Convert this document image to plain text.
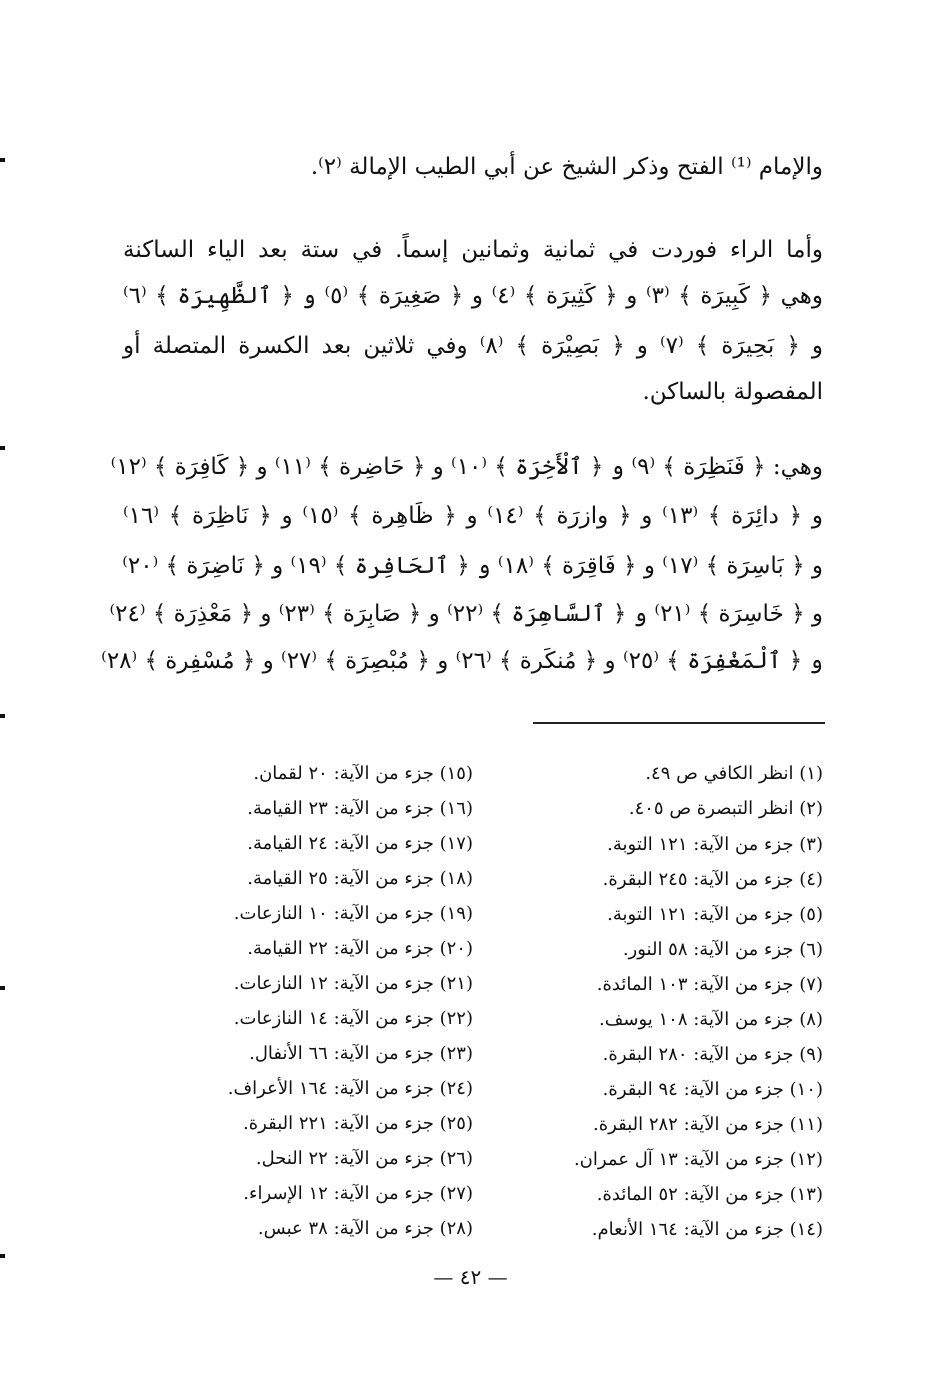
والإمام ⁽¹⁾ الفتح وذكر الشيخ عن أبي الطيب الإمالة ⁽٢⁾.
وأما الراء فوردت في ثمانية وثمانين إسماً. في ستة بعد الياء الساكنة
وهي ﴿ كَبِيرَة ﴾ ⁽٣⁾ و ﴿ كَثِيرَة ﴾ ⁽٤⁾ و ﴿ صَغِيرَة ﴾ ⁽٥⁾ و ﴿ ٱلظَّهِيرَة ﴾ ⁽٦⁾
و ﴿ بَحِيرَة ﴾ ⁽٧⁾ و ﴿ بَصِيْرَة ﴾ ⁽٨⁾ وفي ثلاثين بعد الكسرة المتصلة أو
المفصولة بالساكن.
وهي: ﴿ فَنَظِرَة ﴾ ⁽٩⁾ و ﴿ ٱلْأَخِرَة ﴾ ⁽١٠⁾ و ﴿ حَاضِرة ﴾ ⁽١١⁾ و ﴿ كَافِرَة ﴾ ⁽١٢⁾
و ﴿ دائِرَة ﴾ ⁽١٣⁾ و ﴿ وازرَة ﴾ ⁽١٤⁾ و ﴿ ظَاهِرة ﴾ ⁽١٥⁾ و ﴿ نَاظِرَة ﴾ ⁽١٦⁾
و ﴿ بَاسِرَة ﴾ ⁽١٧⁾ و ﴿ فَاقِرَة ﴾ ⁽١٨⁾ و ﴿ ٱلحَافِرة ﴾ ⁽١٩⁾ و ﴿ نَاضِرَة ﴾ ⁽٢٠⁾
و ﴿ خَاسِرَة ﴾ ⁽٢١⁾ و ﴿ ٱلسَّاهِرَة ﴾ ⁽٢٢⁾ و ﴿ صَابِرَة ﴾ ⁽٢٣⁾ و ﴿ مَعْذِرَة ﴾ ⁽٢٤⁾
و ﴿ ٱلْمَغْفِرَة ﴾ ⁽٢٥⁾ و ﴿ مُنكَرة ﴾ ⁽٢٦⁾ و ﴿ مُبْصِرَة ﴾ ⁽٢٧⁾ و ﴿ مُسْفِرة ﴾ ⁽٢٨⁾
(١) انظر الكافي ص ٤٩.
(٢) انظر التبصرة ص ٤٠٥.
(٣) جزء من الآية: ١٢١ التوبة.
(٤) جزء من الآية: ٢٤٥ البقرة.
(٥) جزء من الآية: ١٢١ التوبة.
(٦) جزء من الآية: ٥٨ النور.
(٧) جزء من الآية: ١٠٣ المائدة.
(٨) جزء من الآية: ١٠٨ يوسف.
(٩) جزء من الآية: ٢٨٠ البقرة.
(١٠) جزء من الآية: ٩٤ البقرة.
(١١) جزء من الآية: ٢٨٢ البقرة.
(١٢) جزء من الآية: ١٣ آل عمران.
(١٣) جزء من الآية: ٥٢ المائدة.
(١٤) جزء من الآية: ١٦٤ الأنعام.
(١٥) جزء من الآية: ٢٠ لقمان.
(١٦) جزء من الآية: ٢٣ القيامة.
(١٧) جزء من الآية: ٢٤ القيامة.
(١٨) جزء من الآية: ٢٥ القيامة.
(١٩) جزء من الآية: ١٠ النازعات.
(٢٠) جزء من الآية: ٢٢ القيامة.
(٢١) جزء من الآية: ١٢ النازعات.
(٢٢) جزء من الآية: ١٤ النازعات.
(٢٣) جزء من الآية: ٦٦ الأنفال.
(٢٤) جزء من الآية: ١٦٤ الأعراف.
(٢٥) جزء من الآية: ٢٢١ البقرة.
(٢٦) جزء من الآية: ٢٢ النحل.
(٢٧) جزء من الآية: ١٢ الإسراء.
(٢٨) جزء من الآية: ٣٨ عبس.
— ٤٢ —
